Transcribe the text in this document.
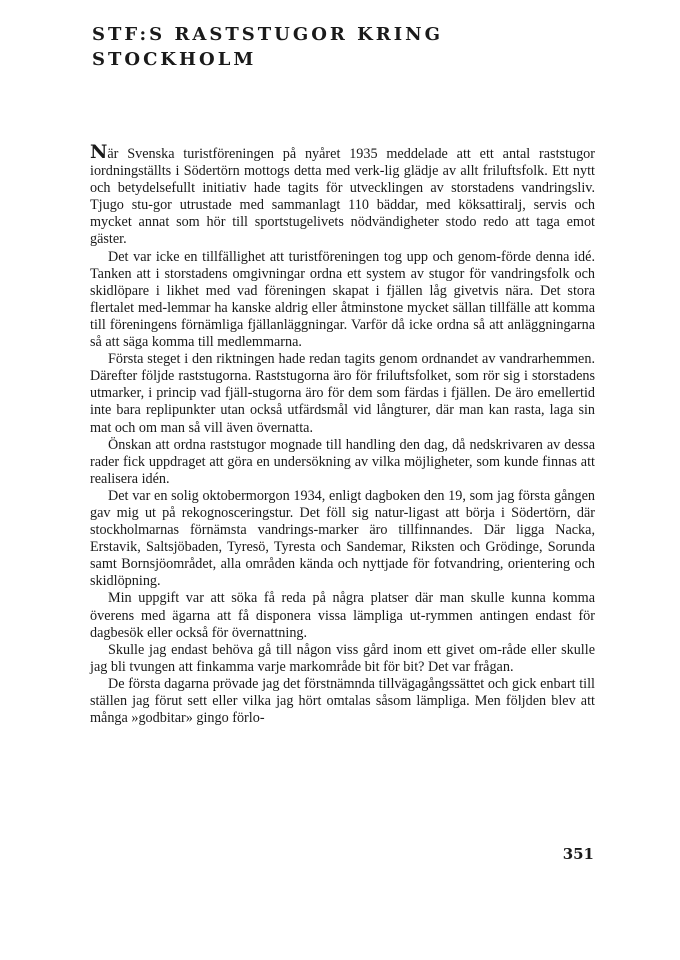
STF:S RASTSTUGOR KRING
STOCKHOLM

När Svenska turistföreningen på nyåret 1935 meddelade att ett antal raststugor iordningställts i Södertörn mottogs detta med verk-lig glädje av allt friluftsfolk. Ett nytt och betydelsefullt initiativ hade tagits för utvecklingen av storstadens vandringsliv. Tjugo stu-gor utrustade med sammanlagt 110 bäddar, med köksattiralj, servis och mycket annat som hör till sportstugelivets nödvändigheter stodo redo att taga emot gäster.

Det var icke en tillfällighet att turistföreningen tog upp och genom-förde denna idé. Tanken att i storstadens omgivningar ordna ett system av stugor för vandringsfolk och skidlöpare i likhet med vad föreningen skapat i fjällen låg givetvis nära. Det stora flertalet med-lemmar ha kanske aldrig eller åtminstone mycket sällan tillfälle att komma till föreningens förnämliga fjällanläggningar. Varför då icke ordna så att anläggningarna så att säga komma till medlemmarna.

Första steget i den riktningen hade redan tagits genom ordnandet av vandrarhemmen. Därefter följde raststugorna. Raststugorna äro för friluftsfolket, som rör sig i storstadens utmarker, i princip vad fjäll-stugorna äro för dem som färdas i fjällen. De äro emellertid inte bara replipunkter utan också utfärdsmål vid långturer, där man kan rasta, laga sin mat och om man så vill även övernatta.

Önskan att ordna raststugor mognade till handling den dag, då nedskrivaren av dessa rader fick uppdraget att göra en undersökning av vilka möjligheter, som kunde finnas att realisera idén.

Det var en solig oktobermorgon 1934, enligt dagboken den 19, som jag första gången gav mig ut på rekognosceringstur. Det föll sig natur-ligast att börja i Södertörn, där stockholmarnas förnämsta vandrings-marker äro tillfinnandes. Där ligga Nacka, Erstavik, Saltsjöbaden, Tyresö, Tyresta och Sandemar, Riksten och Grödinge, Sorunda samt Bornsjöområdet, alla områden kända och nyttjade för fotvandring, orientering och skidlöpning.

Min uppgift var att söka få reda på några platser där man skulle kunna komma överens med ägarna att få disponera vissa lämpliga ut-rymmen antingen endast för dagbesök eller också för övernattning.

Skulle jag endast behöva gå till någon viss gård inom ett givet om-råde eller skulle jag bli tvungen att finkamma varje markområde bit för bit? Det var frågan.

De första dagarna prövade jag det förstnämnda tillvägagångssättet och gick enbart till ställen jag förut sett eller vilka jag hört omtalas såsom lämpliga. Men följden blev att många »godbitar» gingo förlo-

351
